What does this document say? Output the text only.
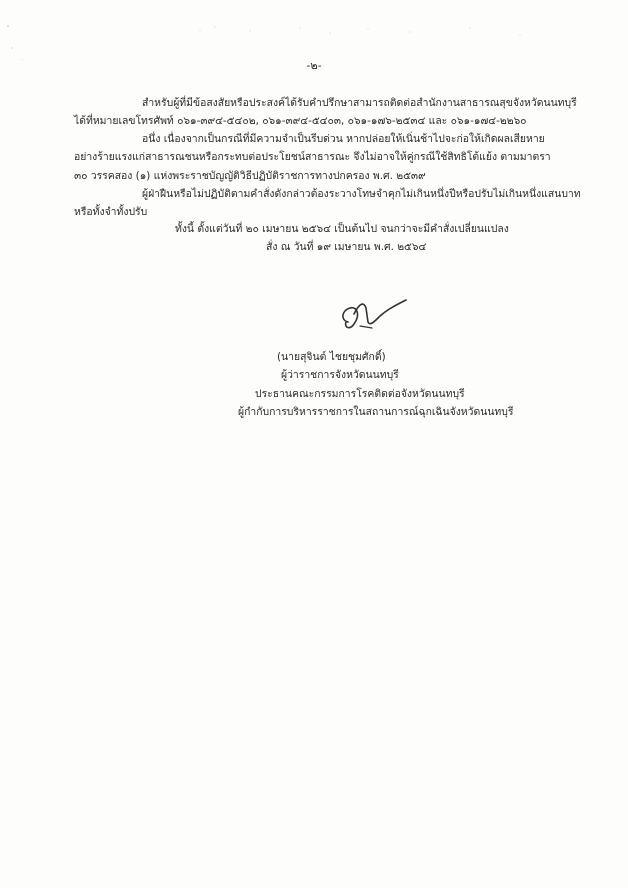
-๒-
สำหรับผู้ที่มีข้อสงสัยหรือประสงค์ได้รับคำปรึกษาสามารถติดต่อสำนักงานสาธารณสุขจังหวัดนนทบุรี
ได้ที่หมายเลขโทรศัพท์ ๐๖๑-๓๙๔-๕๔๐๒, ๐๖๑-๓๙๔-๕๔๐๓, ๐๖๑-๑๗๖-๒๕๓๔ และ ๐๖๑-๑๗๔-๒๒๖๐
อนึ่ง เนื่องจากเป็นกรณีที่มีความจำเป็นรีบด่วน หากปล่อยให้เนิ่นช้าไปจะก่อให้เกิดผลเสียหาย
อย่างร้ายแรงแก่สาธารณชนหรือกระทบต่อประโยชน์สาธารณะ จึงไม่อาจให้คู่กรณีใช้สิทธิโต้แย้ง ตามมาตรา
๓๐ วรรคสอง (๑) แห่งพระราชบัญญัติวิธีปฏิบัติราชการทางปกครอง พ.ศ. ๒๕๓๙
ผู้ฝ่าฝืนหรือไม่ปฏิบัติตามคำสั่งดังกล่าวต้องระวางโทษจำคุกไม่เกินหนึ่งปีหรือปรับไม่เกินหนึ่งแสนบาท
หรือทั้งจำทั้งปรับ
ทั้งนี้ ตั้งแต่วันที่ ๒๐ เมษายน ๒๕๖๔ เป็นต้นไป จนกว่าจะมีคำสั่งเปลี่ยนแปลง
สั่ง ณ วันที่ ๑๙ เมษายน พ.ศ. ๒๕๖๔
(นายสุจินต์ ไชยชุมศักดิ์)
ผู้ว่าราชการจังหวัดนนทบุรี
ประธานคณะกรรมการโรคติดต่อจังหวัดนนทบุรี
ผู้กำกับการบริหารราชการในสถานการณ์ฉุกเฉินจังหวัดนนทบุรี
